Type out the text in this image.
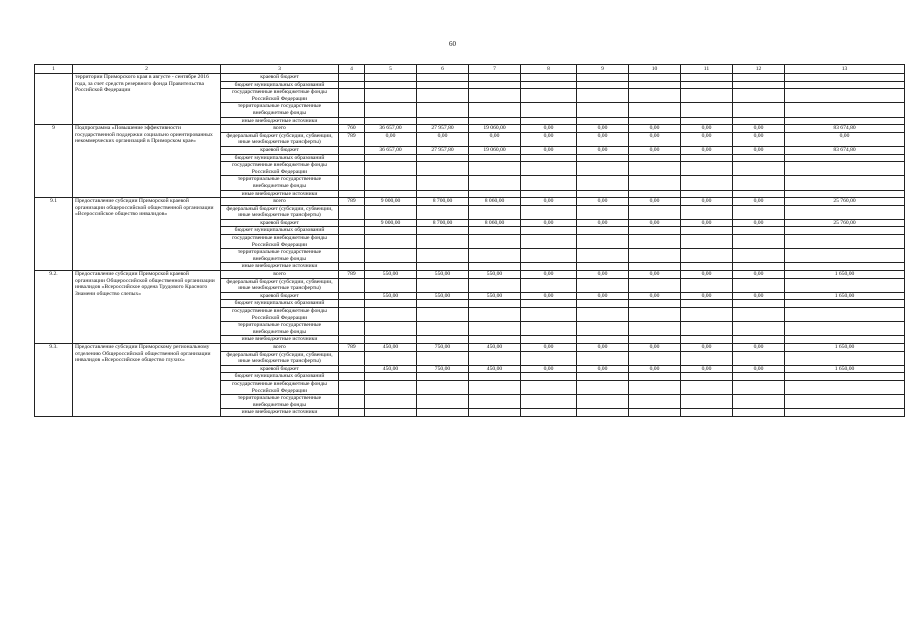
60
1	2	3	4	5	6	7	8	9	10	11	12	13
	территории Приморского края в августе - сентябре 2016 года, за счет средств резервного фонда Правительства Российской Федерации	краевой бюджет										
		бюджет муниципальных образований										
		государственные внебюджетные фонды Российской Федерации										
		территориальные государственные внебюджетные фонды										
		иные внебюджетные источники										
9	Подпрограмма «Повышение эффективности государственной поддержки социально ориентированных некоммерческих организаций в Приморском крае»	всего	760	36 657,00	27 957,80	19 060,00	0,00	0,00	0,00	0,00	0,00	83 674,80
		федеральный бюджет (субсидии, субвенции, иные межбюджетные трансферты)	789	0,00	0,00	0,00	0,00	0,00	0,00	0,00	0,00	0,00
		краевой бюджет		36 657,00	27 957,80	19 060,00	0,00	0,00	0,00	0,00	0,00	83 674,80
		бюджет муниципальных образований										
		государственные внебюджетные фонды Российской Федерации										
		территориальные государственные внебюджетные фонды										
		иные внебюджетные источники										
9.1	Предоставление субсидии Приморской краевой организации общероссийской общественной организации «Всероссийское общество инвалидов»	всего	789	9 000,00	8 700,00	8 060,00	0,00	0,00	0,00	0,00	0,00	25 760,00
		федеральный бюджет (субсидии, субвенции, иные межбюджетные трансферты)										
		краевой бюджет		9 000,00	8 700,00	8 060,00	0,00	0,00	0,00	0,00	0,00	25 760,00
		бюджет муниципальных образований										
		государственные внебюджетные фонды Российской Федерации										
		территориальные государственные внебюджетные фонды										
		иные внебюджетные источники										
9.2.	Предоставление субсидии Приморской краевой организации Общероссийской общественной организации инвалидов «Всероссийское ордена Трудового Красного Знамени общество слепых»	всего	789	550,00	550,00	550,00	0,00	0,00	0,00	0,00	0,00	1 650,00
		федеральный бюджет (субсидии, субвенции, иные межбюджетные трансферты)										
		краевой бюджет		550,00	550,00	550,00	0,00	0,00	0,00	0,00	0,00	1 650,00
		бюджет муниципальных образований										
		государственные внебюджетные фонды Российской Федерации										
		территориальные государственные внебюджетные фонды										
		иные внебюджетные источники										
9.3.	Предоставление субсидии Приморскому региональному отделению Общероссийской общественной организации инвалидов «Всероссийское общество глухих»	всего	789	450,00	750,00	450,00	0,00	0,00	0,00	0,00	0,00	1 650,00
		федеральный бюджет (субсидии, субвенции, иные межбюджетные трансферты)										
		краевой бюджет		450,00	750,00	450,00	0,00	0,00	0,00	0,00	0,00	1 650,00
		бюджет муниципальных образований										
		государственные внебюджетные фонды Российской Федерации										
		территориальные государственные внебюджетные фонды										
		иные внебюджетные источники										
